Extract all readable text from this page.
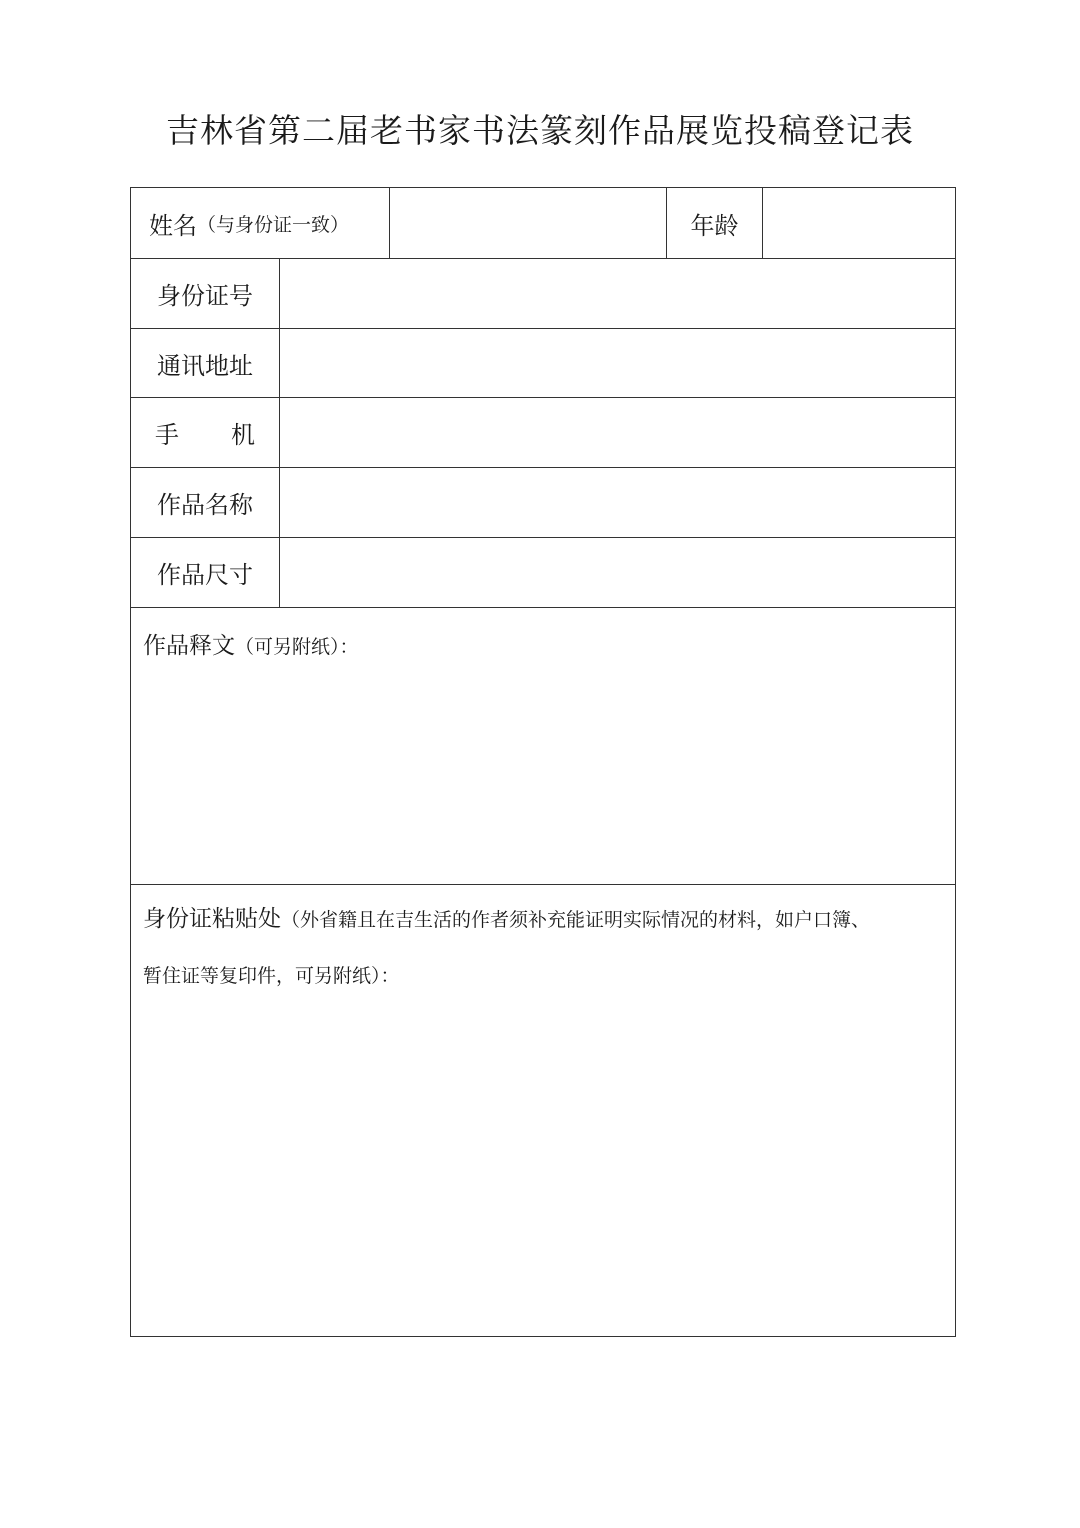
吉林省第二届老书家书法篆刻作品展览投稿登记表
姓名 （与身份证一致）	年龄
身份证号
通讯地址
手 机
作品名称
作品尺寸
作品释文（可另附纸）：
身份证粘贴处（外省籍且在吉生活的作者须补充能证明实际情况的材料，如户口簿、
暂住证等复印件，可另附纸）：
